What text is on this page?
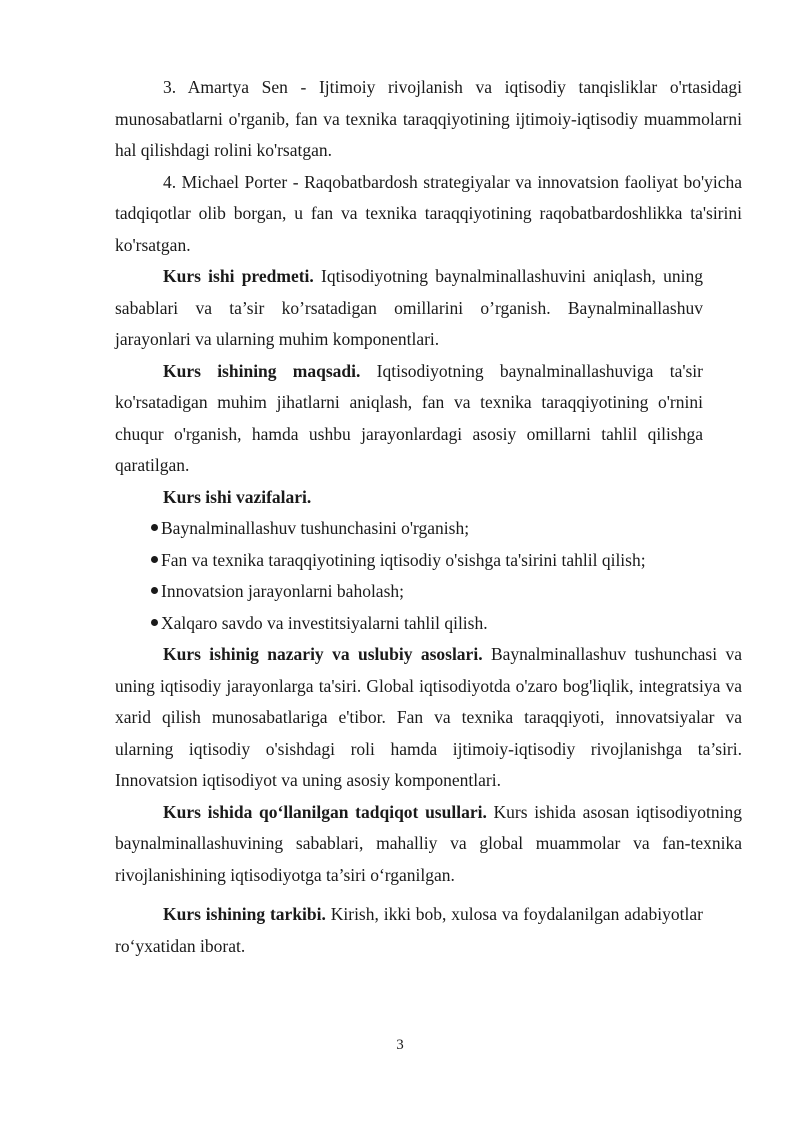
3. Amartya Sen - Ijtimoiy rivojlanish va iqtisodiy tanqisliklar o'rtasidagi munosabatlarni o'rganib, fan va texnika taraqqiyotining ijtimoiy-iqtisodiy muammolarni hal qilishdagi rolini ko'rsatgan.

4. Michael Porter - Raqobatbardosh strategiyalar va innovatsion faoliyat bo'yicha tadqiqotlar olib borgan, u fan va texnika taraqqiyotining raqobatbardoshlikka ta'sirini ko'rsatgan.

Kurs ishi predmeti. Iqtisodiyotning baynalminallashuvini aniqlash, uning sabablari va ta’sir ko’rsatadigan omillarini o’rganish. Baynalminallashuv jarayonlari va ularning muhim komponentlari.

Kurs ishining maqsadi. Iqtisodiyotning baynalminallashuviga ta'sir ko'rsatadigan muhim jihatlarni aniqlash, fan va texnika taraqqiyotining o'rnini chuqur o'rganish, hamda ushbu jarayonlardagi asosiy omillarni tahlil qilishga qaratilgan.

Kurs ishi vazifalari.

Baynalminallashuv tushunchasini o'rganish;

Fan va texnika taraqqiyotining iqtisodiy o'sishga ta'sirini tahlil qilish;

Innovatsion jarayonlarni baholash;

Xalqaro savdo va investitsiyalarni tahlil qilish.

Kurs ishinig nazariy va uslubiy asoslari. Baynalminallashuv tushunchasi va uning iqtisodiy jarayonlarga ta'siri. Global iqtisodiyotda o'zaro bog'liqlik, integratsiya va xarid qilish munosabatlariga e'tibor. Fan va texnika taraqqiyoti, innovatsiyalar va ularning iqtisodiy o'sishdagi roli hamda ijtimoiy-iqtisodiy rivojlanishga ta’siri. Innovatsion iqtisodiyot va uning asosiy komponentlari.

Kurs ishida qo‘llanilgan tadqiqot usullari. Kurs ishida asosan iqtisodiyotning baynalminallashuvining sabablari, mahalliy va global muammolar va fan-texnika rivojlanishining iqtisodiyotga ta’siri o‘rganilgan.

Kurs ishining tarkibi. Kirish, ikki bob, xulosa va foydalanilgan adabiyotlar ro‘yxatidan iborat.

3
